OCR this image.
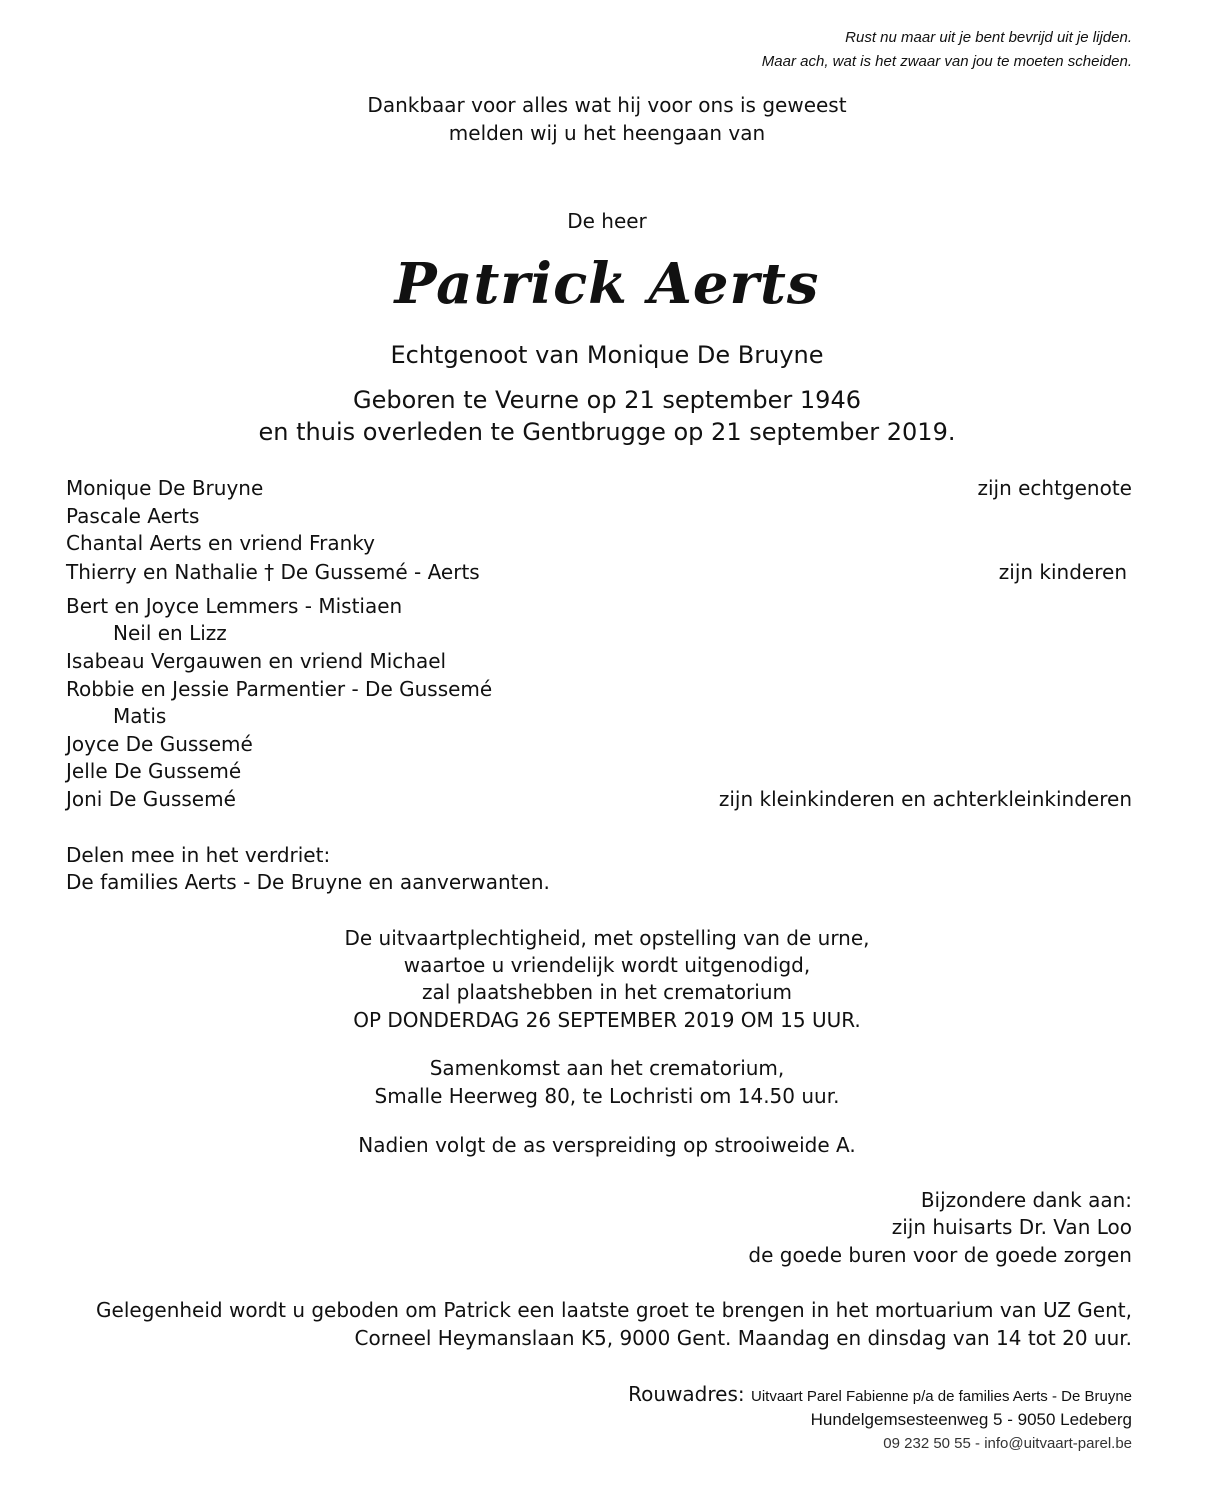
Rust nu maar uit je bent bevrijd uit je lijden.
Maar ach, wat is het zwaar van jou te moeten scheiden.
Dankbaar voor alles wat hij voor ons is geweest
melden wij u het heengaan van
De heer
Patrick Aerts
Echtgenoot van Monique De Bruyne
Geboren te Veurne op 21 september 1946
en thuis overleden te Gentbrugge op 21 september 2019.
Monique De Bruyne	zijn echtgenote
Pascale Aerts
Chantal Aerts en vriend Franky
Thierry en Nathalie † De Gussemé - Aerts	zijn kinderen
Bert en Joyce Lemmers - Mistiaen
Neil en Lizz
Isabeau Vergauwen en vriend Michael
Robbie en Jessie Parmentier - De Gussemé
Matis
Joyce De Gussemé
Jelle De Gussemé
Joni De Gussemé	zijn kleinkinderen en achterkleinkinderen
Delen mee in het verdriet:
De families Aerts - De Bruyne en aanverwanten.
De uitvaartplechtigheid, met opstelling van de urne,
waartoe u vriendelijk wordt uitgenodigd,
zal plaatshebben in het crematorium
OP DONDERDAG 26 SEPTEMBER 2019 OM 15 UUR.
Samenkomst aan het crematorium,
Smalle Heerweg 80, te Lochristi om 14.50 uur.
Nadien volgt de as verspreiding op strooiweide A.
Bijzondere dank aan:
zijn huisarts Dr. Van Loo
de goede buren voor de goede zorgen
Gelegenheid wordt u geboden om Patrick een laatste groet te brengen in het mortuarium van UZ Gent,
Corneel Heymanslaan K5, 9000 Gent. Maandag en dinsdag van 14 tot 20 uur.
Rouwadres: Uitvaart Parel Fabienne p/a de families Aerts - De Bruyne
Hundelgemsesteenweg 5 - 9050 Ledeberg
09 232 50 55 - info@uitvaart-parel.be
